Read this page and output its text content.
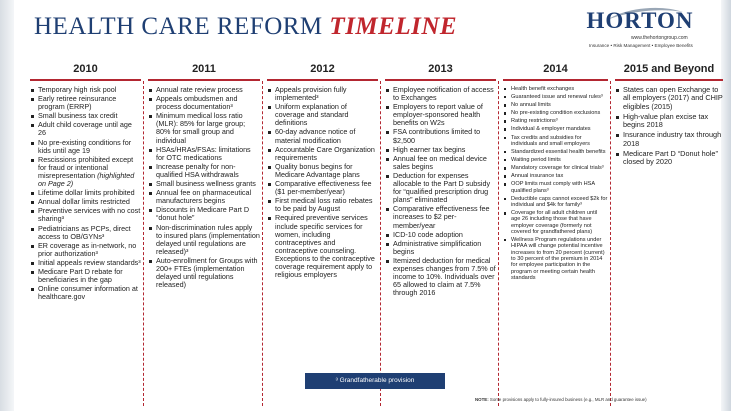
HEALTH CARE REFORM TIMELINE	HORTON
www.thehortongroup.com
Insurance • Risk Management • Employee Benefits
2010
Temporary high risk pool
Early retiree reinsurance program (ERRP)
Small business tax credit
Adult child coverage until age 26
No pre-existing conditions for kids until age 19
Rescissions prohibited except for fraud or intentional misrepresentation (highlighted on Page 2)
Lifetime dollar limits prohibited
Annual dollar limits restricted
Preventive services with no cost sharing³
Pediatricians as PCPs, direct access to OB/GYNs³
ER coverage as in-network, no prior authorization³
Initial appeals review standards³
Medicare Part D rebate for beneficiaries in the gap
Online consumer information at healthcare.gov
2011
Annual rate review process
Appeals ombudsmen and process documentation³
Minimum medical loss ratio (MLR): 85% for large group; 80% for small group and individual
HSAs/HRAs/FSAs: limitations for OTC medications
Increase penalty for non-qualified HSA withdrawals
Small business wellness grants
Annual fee on pharmaceutical manufacturers begins
Discounts in Medicare Part D “donut hole”
Non-discrimination rules apply to insured plans (implementation delayed until regulations are released)³
Auto-enrollment for Groups with 200+ FTEs (implementation delayed until regulations released)
2012
Appeals provision fully implemented³
Uniform explanation of coverage and standard definitions
60-day advance notice of material modification
Accountable Care Organization requirements
Quality bonus begins for Medicare Advantage plans
Comparative effectiveness fee ($1 per-member/year)
First medical loss ratio rebates to be paid by August
Required preventive services include specific services for women, including contraceptives and contraceptive counseling. Exceptions to the contraceptive coverage requirement apply to religious employers
2013
Employee notification of access to Exchanges
Employers to report value of employer-sponsored health benefits on W2s
FSA contributions limited to $2,500
High earner tax begins
Annual fee on medical device sales begins
Deduction for expenses allocable to the Part D subsidy for “qualified prescription drug plans” eliminated
Comparative effectiveness fee increases to $2 per-member/year
ICD-10 code adoption
Administrative simplification begins
Itemized deduction for medical expenses changes from 7.5% of income to 10%. Individuals over 65 allowed to claim at 7.5% through 2016
2014
Health benefit exchanges
Guaranteed issue and renewal rules³
No annual limits
No pre-existing condition exclusions
Rating restrictions³
Individual & employer mandates
Tax credits and subsidies for individuals and small employers
Standardized essential health benefits
Waiting period limits
Mandatory coverage for clinical trials³
Annual insurance tax
OOP limits must comply with HSA qualified plans³
Deductible caps cannot exceed $2k for individual and $4k for family³
Coverage for all adult children until age 26 including those that have employer coverage (formerly not covered for grandfathered plans)
Wellness Program regulations under HIPAA will change potential incentive increases to from 20 percent (current) to 30 percent of the premium in 2014 for employee participation in the program or meeting certain health standards
2015 and Beyond
States can open Exchange to all employers (2017) and CHIP eligibles (2015)
High-value plan excise tax begins 2018
Insurance industry tax through 2018
Medicare Part D “Donut hole” closed by 2020
³ Grandfatherable provision
NOTE: Some provisions apply to fully-insured business (e.g., MLR and guarantee issue)
